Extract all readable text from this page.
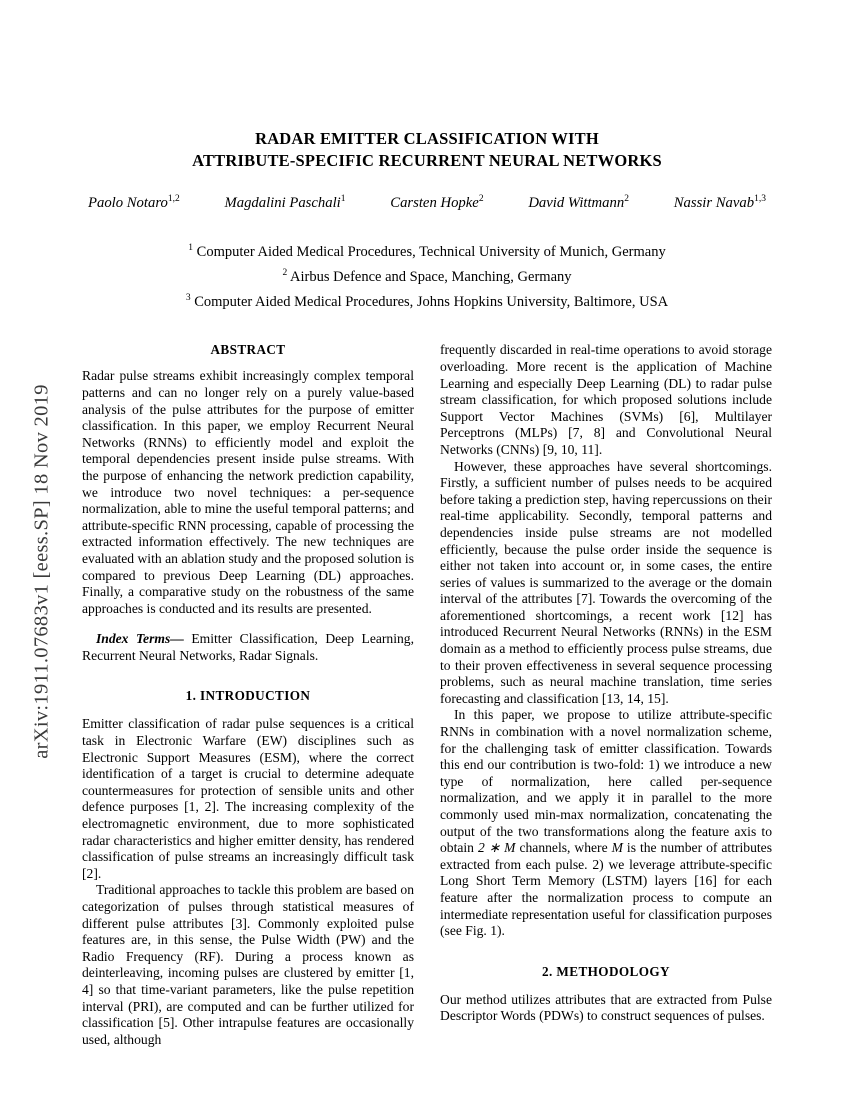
arXiv:1911.07683v1 [eess.SP] 18 Nov 2019
RADAR EMITTER CLASSIFICATION WITH
ATTRIBUTE-SPECIFIC RECURRENT NEURAL NETWORKS
Paolo Notaro$^{1,2}$	Magdalini Paschali$^1$	Carsten Hopke$^2$	David Wittmann$^2$	Nassir Navab$^{1,3}$
$^1$ Computer Aided Medical Procedures, Technical University of Munich, Germany
$^2$ Airbus Defence and Space, Manching, Germany
$^3$ Computer Aided Medical Procedures, Johns Hopkins University, Baltimore, USA
ABSTRACT

Radar pulse streams exhibit increasingly complex temporal patterns and can no longer rely on a purely value-based analysis of the pulse attributes for the purpose of emitter classification. In this paper, we employ Recurrent Neural Networks (RNNs) to efficiently model and exploit the temporal dependencies present inside pulse streams. With the purpose of enhancing the network prediction capability, we introduce two novel techniques: a per-sequence normalization, able to mine the useful temporal patterns; and attribute-specific RNN processing, capable of processing the extracted information effectively. The new techniques are evaluated with an ablation study and the proposed solution is compared to previous Deep Learning (DL) approaches. Finally, a comparative study on the robustness of the same approaches is conducted and its results are presented.

Index Terms— Emitter Classification, Deep Learning, Recurrent Neural Networks, Radar Signals.
1. INTRODUCTION

Emitter classification of radar pulse sequences is a critical task in Electronic Warfare (EW) disciplines such as Electronic Support Measures (ESM), where the correct identification of a target is crucial to determine adequate countermeasures for protection of sensible units and other defence purposes [1, 2]. The increasing complexity of the electromagnetic environment, due to more sophisticated radar characteristics and higher emitter density, has rendered classification of pulse streams an increasingly difficult task [2].

Traditional approaches to tackle this problem are based on categorization of pulses through statistical measures of different pulse attributes [3]. Commonly exploited pulse features are, in this sense, the Pulse Width (PW) and the Radio Frequency (RF). During a process known as deinterleaving, incoming pulses are clustered by emitter [1, 4] so that time-variant parameters, like the pulse repetition interval (PRI), are computed and can be further utilized for classification [5]. Other intrapulse features are occasionally used, although

frequently discarded in real-time operations to avoid storage overloading. More recent is the application of Machine Learning and especially Deep Learning (DL) to radar pulse stream classification, for which proposed solutions include Support Vector Machines (SVMs) [6], Multilayer Perceptrons (MLPs) [7, 8] and Convolutional Neural Networks (CNNs) [9, 10, 11].

However, these approaches have several shortcomings. Firstly, a sufficient number of pulses needs to be acquired before taking a prediction step, having repercussions on their real-time applicability. Secondly, temporal patterns and dependencies inside pulse streams are not modelled efficiently, because the pulse order inside the sequence is either not taken into account or, in some cases, the entire series of values is summarized to the average or the domain interval of the attributes [7]. Towards the overcoming of the aforementioned shortcomings, a recent work [12] has introduced Recurrent Neural Networks (RNNs) in the ESM domain as a method to efficiently process pulse streams, due to their proven effectiveness in several sequence processing problems, such as neural machine translation, time series forecasting and classification [13, 14, 15].

In this paper, we propose to utilize attribute-specific RNNs in combination with a novel normalization scheme, for the challenging task of emitter classification. Towards this end our contribution is two-fold: 1) we introduce a new type of normalization, here called per-sequence normalization, and we apply it in parallel to the more commonly used min-max normalization, concatenating the output of the two transformations along the feature axis to obtain 2 ∗ M channels, where M is the number of attributes extracted from each pulse. 2) we leverage attribute-specific Long Short Term Memory (LSTM) layers [16] for each feature after the normalization process to compute an intermediate representation useful for classification purposes (see Fig. 1).

2. METHODOLOGY

Our method utilizes attributes that are extracted from Pulse Descriptor Words (PDWs) to construct sequences of pulses.
